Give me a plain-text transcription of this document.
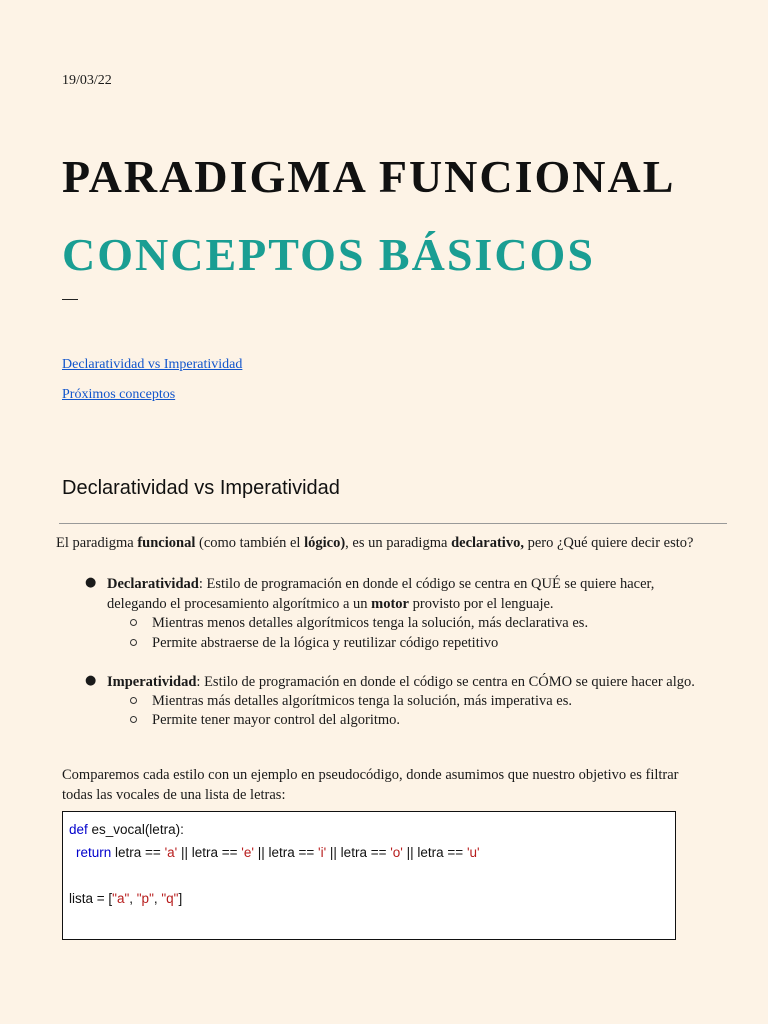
19/03/22
PARADIGMA FUNCIONAL
CONCEPTOS BÁSICOS
Declaratividad vs Imperatividad
Próximos conceptos
Declaratividad vs Imperatividad
El paradigma funcional (como también el lógico), es un paradigma declarativo, pero ¿Qué quiere decir esto?
● Declaratividad: Estilo de programación en donde el código se centra en QUÉ se quiere hacer,
delegando el procesamiento algorítmico a un motor provisto por el lenguaje.
Mientras menos detalles algorítmicos tenga la solución, más declarativa es.
Permite abstraerse de la lógica y reutilizar código repetitivo
● Imperatividad: Estilo de programación en donde el código se centra en CÓMO se quiere hacer algo.
Mientras más detalles algorítmicos tenga la solución, más imperativa es.
Permite tener mayor control del algoritmo.
Comparemos cada estilo con un ejemplo en pseudocódigo, donde asumimos que nuestro objetivo es filtrar
todas las vocales de una lista de letras:
def es_vocal(letra):
return letra == 'a' || letra == 'e' || letra == 'i' || letra == 'o' || letra == 'u'
lista = ["a", "p", "q"]
